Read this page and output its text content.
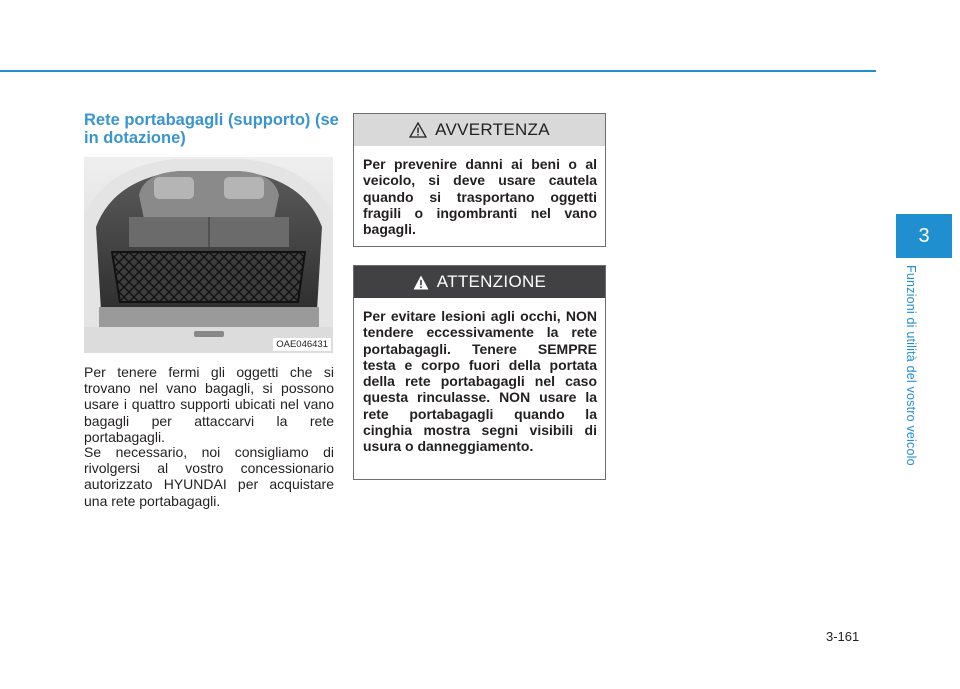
Rete portabagagli (supporto) (se in dotazione)
OAE046431

Per tenere fermi gli oggetti che si trovano nel vano bagagli, si possono usare i quattro supporti ubicati nel vano bagagli per attaccarvi la rete portabagagli.

Se necessario, noi consigliamo di rivolgersi al vostro concessionario autorizzato HYUNDAI per acquistare una rete portabagagli.

AVVERTENZA
Per prevenire danni ai beni o al veicolo, si deve usare cautela quando si trasportano oggetti fragili o ingombranti nel vano bagagli.
ATTENZIONE
Per evitare lesioni agli occhi, NON tendere eccessivamente la rete portabagagli. Tenere SEMPRE testa e corpo fuori della portata della rete portabagagli nel caso questa rinculasse. NON usare la rete portabagagli quando la cinghia mostra segni visibili di usura o danneggiamento.
3
Funzioni di utilità del vostro veicolo
3-161
